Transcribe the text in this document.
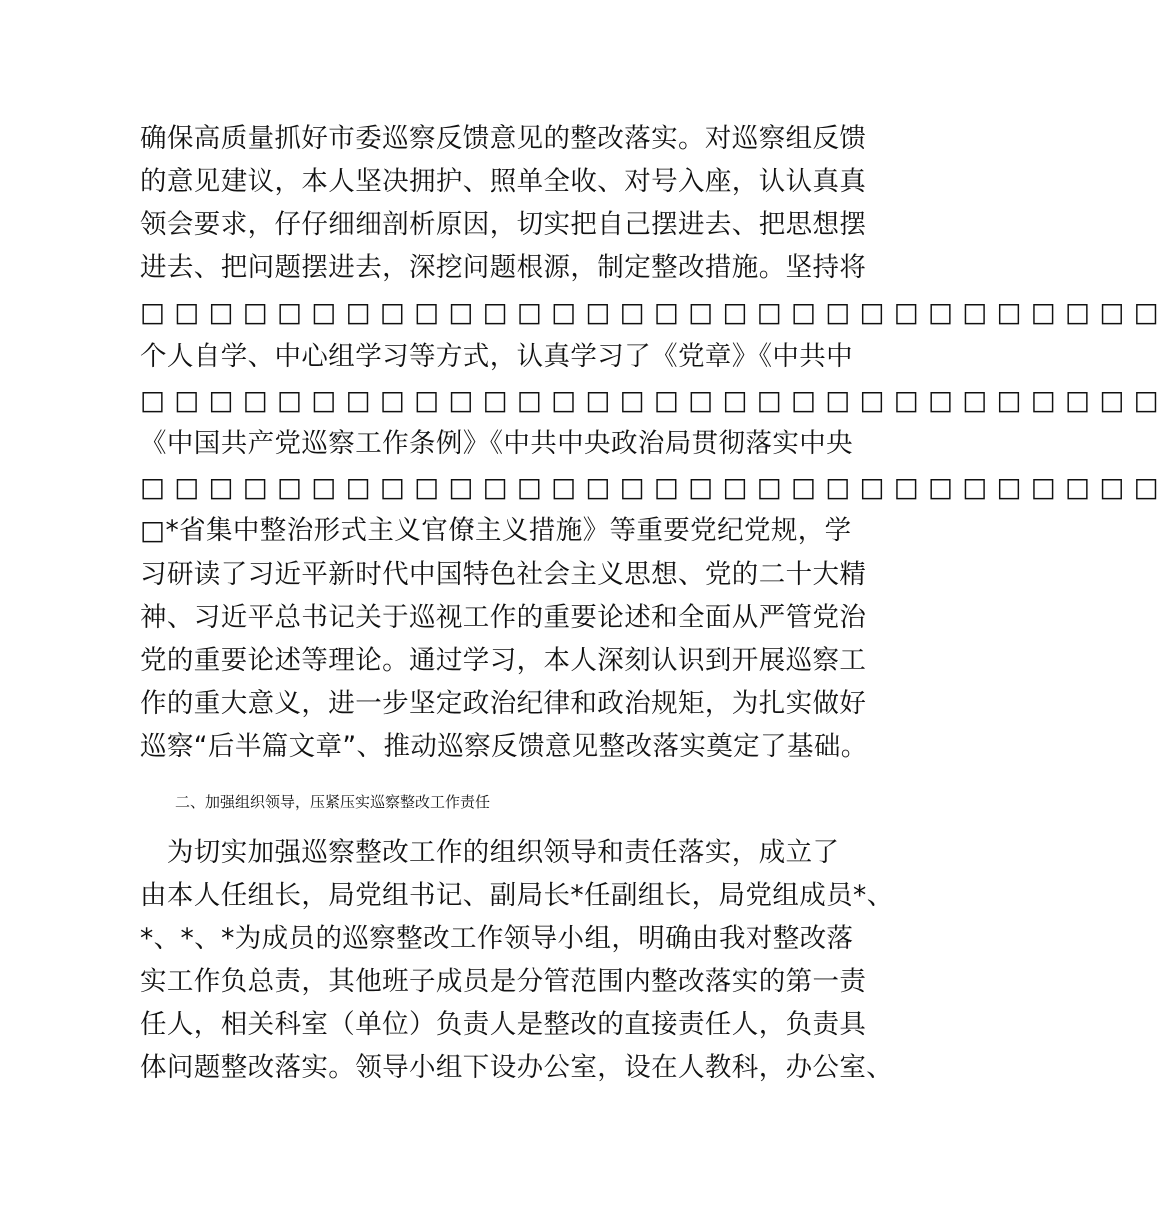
确保高质量抓好市委巡察反馈意见的整改落实。对巡察组反馈
的意见建议，本人坚决拥护、照单全收、对号入座，认认真真
领会要求，仔仔细细剖析原因，切实把自己摆进去、把思想摆
进去、把问题摆进去，深挖问题根源，制定整改措施。坚持将
□ □ □ □ □ □ □ □ □ □ □ □ □ □ □ □ □ □ □ □ □ □ □ □ □ □ □ □ □ □
个人自学、中心组学习等方式，认真学习了《党章》《中共中
□ □ □ □ □ □ □ □ □ □ □ □ □ □ □ □ □ □ □ □ □ □ □ □ □ □ □ □ □ □
《中国共产党巡察工作条例》《中共中央政治局贯彻落实中央
□ □ □ □ □ □ □ □ □ □ □ □ □ □ □ □ □ □ □ □ □ □ □ □ □ □ □ □ □ □
□*省集中整治形式主义官僚主义措施》等重要党纪党规，学
习研读了习近平新时代中国特色社会主义思想、党的二十大精
神、习近平总书记关于巡视工作的重要论述和全面从严管党治
党的重要论述等理论。通过学习，本人深刻认识到开展巡察工
作的重大意义，进一步坚定政治纪律和政治规矩，为扎实做好
巡察“后半篇文章”、推动巡察反馈意见整改落实奠定了基础。
二、加强组织领导，压紧压实巡察整改工作责任
　为切实加强巡察整改工作的组织领导和责任落实，成立了
由本人任组长，局党组书记、副局长*任副组长，局党组成员*、
*、*、*为成员的巡察整改工作领导小组，明确由我对整改落
实工作负总责，其他班子成员是分管范围内整改落实的第一责
任人，相关科室（单位）负责人是整改的直接责任人，负责具
体问题整改落实。领导小组下设办公室，设在人教科，办公室、
